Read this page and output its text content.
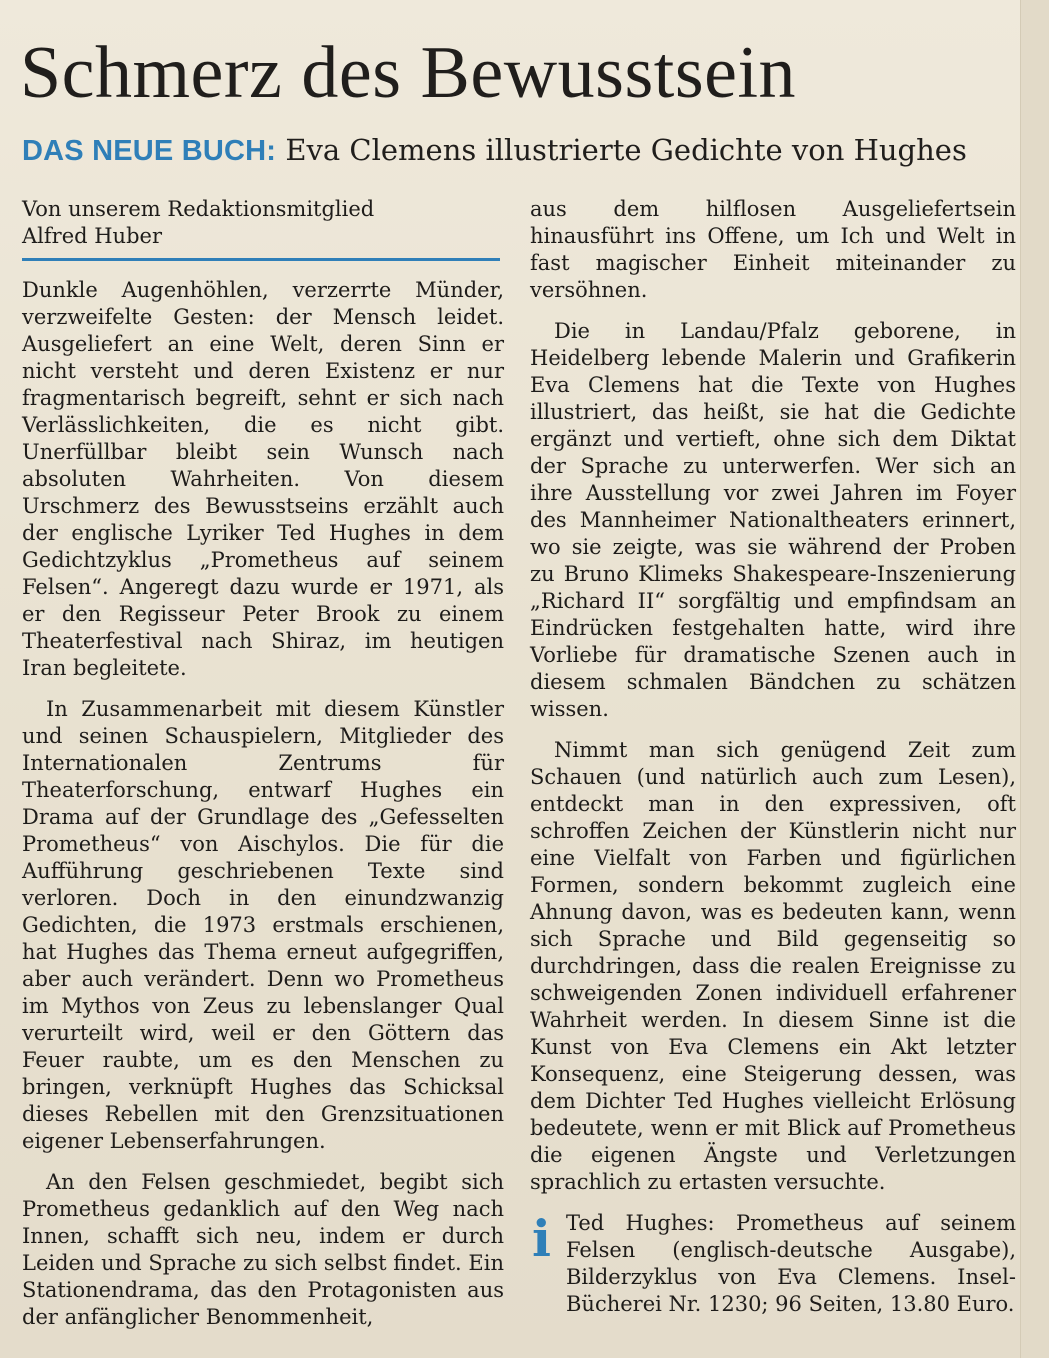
Schmerz des Bewusstsein
DAS NEUE BUCH: Eva Clemens illustrierte Gedichte von Hughes

Von unserem Redaktionsmitglied

Alfred Huber

Dunkle Augenhöhlen, verzerrte Münder, verzweifelte Gesten: der Mensch leidet. Ausgeliefert an eine Welt, deren Sinn er nicht versteht und deren Existenz er nur fragmentarisch begreift, sehnt er sich nach Verlässlichkeiten, die es nicht gibt. Unerfüllbar bleibt sein Wunsch nach absoluten Wahrheiten. Von diesem Urschmerz des Bewusstseins erzählt auch der englische Lyriker Ted Hughes in dem Gedichtzyklus „Prometheus auf seinem Felsen“. Angeregt dazu wurde er 1971, als er den Regisseur Peter Brook zu einem Theaterfestival nach Shiraz, im heutigen Iran begleitete.

In Zusammenarbeit mit diesem Künstler und seinen Schauspielern, Mitglieder des Internationalen Zentrums für Theaterforschung, entwarf Hughes ein Drama auf der Grundlage des „Gefesselten Prometheus“ von Aischylos. Die für die Aufführung geschriebenen Texte sind verloren. Doch in den einundzwanzig Gedichten, die 1973 erstmals erschienen, hat Hughes das Thema erneut aufgegriffen, aber auch verändert. Denn wo Prometheus im Mythos von Zeus zu lebenslanger Qual verurteilt wird, weil er den Göttern das Feuer raubte, um es den Menschen zu bringen, verknüpft Hughes das Schicksal dieses Rebellen mit den Grenzsituationen eigener Lebenserfahrungen.

An den Felsen geschmiedet, begibt sich Prometheus gedanklich auf den Weg nach Innen, schafft sich neu, indem er durch Leiden und Sprache zu sich selbst findet. Ein Stationendrama, das den Protagonisten aus der anfänglicher Benommenheit,

aus dem hilflosen Ausgeliefertsein hinausführt ins Offene, um Ich und Welt in fast magischer Einheit miteinander zu versöhnen.

Die in Landau/Pfalz geborene, in Heidelberg lebende Malerin und Grafikerin Eva Clemens hat die Texte von Hughes illustriert, das heißt, sie hat die Gedichte ergänzt und vertieft, ohne sich dem Diktat der Sprache zu unterwerfen. Wer sich an ihre Ausstellung vor zwei Jahren im Foyer des Mannheimer Nationaltheaters erinnert, wo sie zeigte, was sie während der Proben zu Bruno Klimeks Shakespeare-Inszenierung „Richard II“ sorgfältig und empfindsam an Eindrücken festgehalten hatte, wird ihre Vorliebe für dramatische Szenen auch in diesem schmalen Bändchen zu schätzen wissen.

Nimmt man sich genügend Zeit zum Schauen (und natürlich auch zum Lesen), entdeckt man in den expressiven, oft schroffen Zeichen der Künstlerin nicht nur eine Vielfalt von Farben und figürlichen Formen, sondern bekommt zugleich eine Ahnung davon, was es bedeuten kann, wenn sich Sprache und Bild gegenseitig so durchdringen, dass die realen Ereignisse zu schweigenden Zonen individuell erfahrener Wahrheit werden. In diesem Sinne ist die Kunst von Eva Clemens ein Akt letzter Konsequenz, eine Steigerung dessen, was dem Dichter Ted Hughes vielleicht Erlösung bedeutete, wenn er mit Blick auf Prometheus die eigenen Ängste und Verletzungen sprachlich zu ertasten versuchte.

i Ted Hughes: Prometheus auf seinem Felsen (englisch-deutsche Ausgabe), Bilderzyklus von Eva Clemens. Insel-Bücherei Nr. 1230; 96 Seiten, 13.80 Euro.
